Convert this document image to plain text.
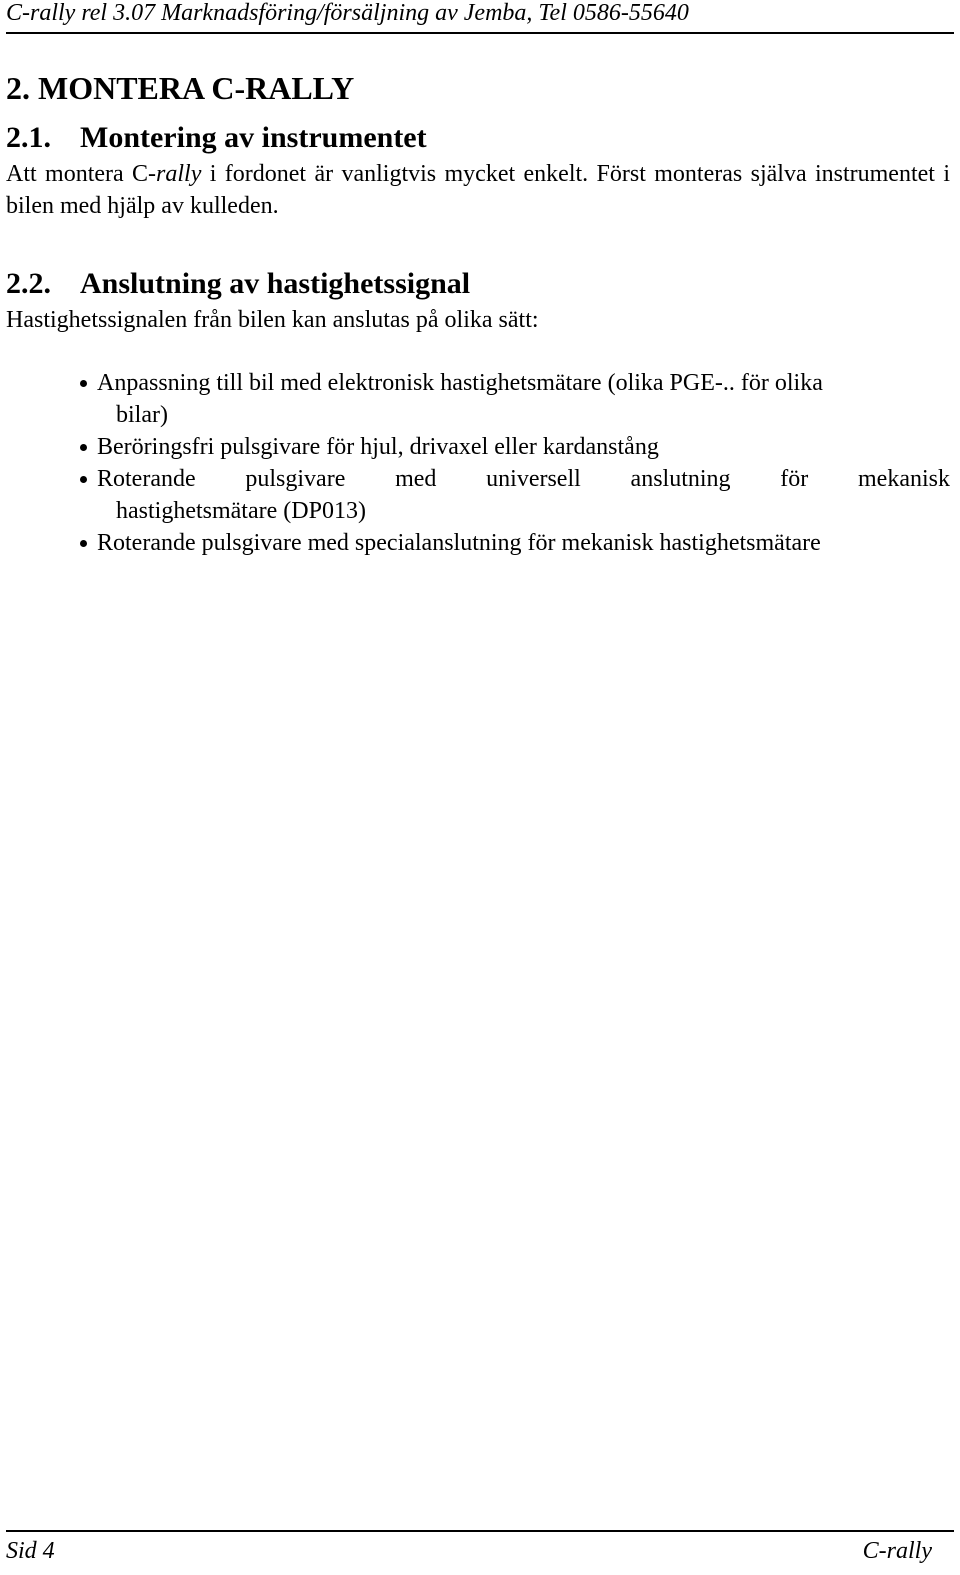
C-rally rel 3.07 Marknadsföring/försäljning av Jemba, Tel 0586-55640
2. MONTERA C-RALLY
2.1. Montering av instrumentet
Att montera C-rally i fordonet är vanligtvis mycket enkelt. Först monteras själva instrumentet i bilen med hjälp av kulleden.
2.2. Anslutning av hastighetssignal
Hastighetssignalen från bilen kan anslutas på olika sätt:
Anpassning till bil med elektronisk hastighetsmätare (olika PGE-.. för olika
bilar)
Beröringsfri pulsgivare för hjul, drivaxel eller kardanstång
Roterande pulsgivare med universell anslutning för mekanisk
hastighetsmätare (DP013)
Roterande pulsgivare med specialanslutning för mekanisk hastighetsmätare
Sid 4	C-rally
